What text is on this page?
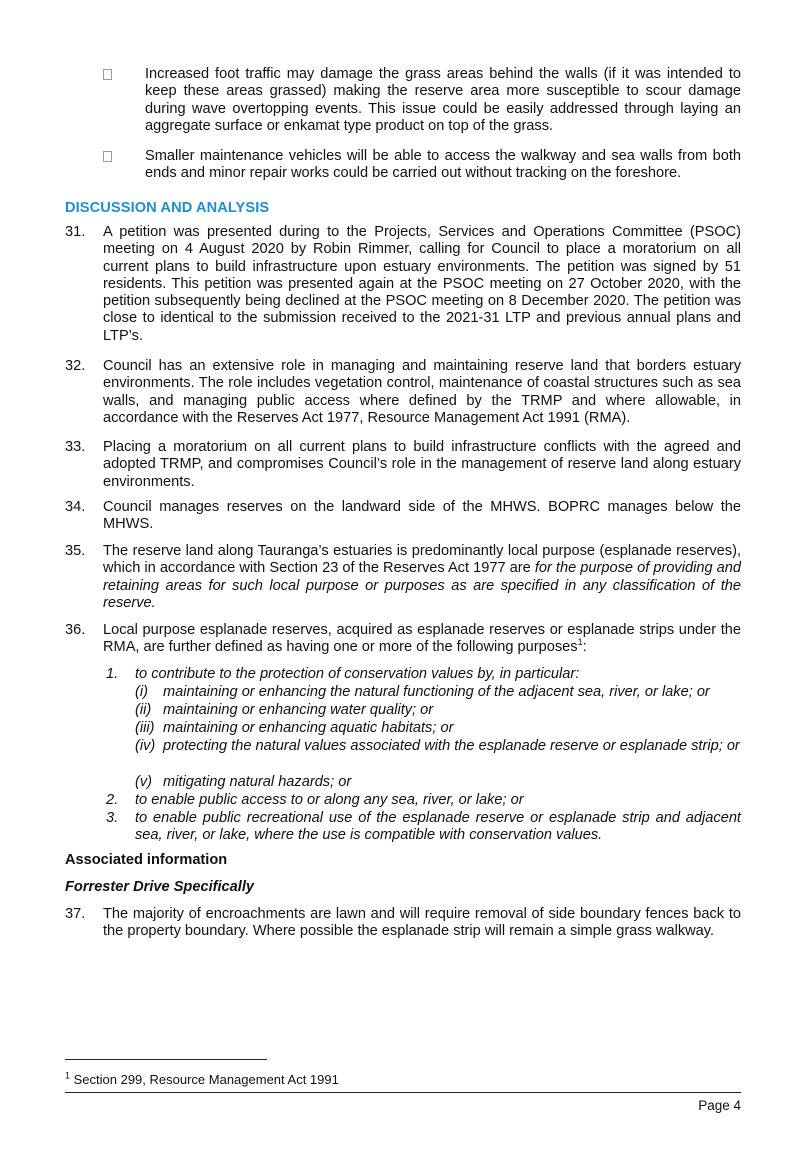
Increased foot traffic may damage the grass areas behind the walls (if it was intended to keep these areas grassed) making the reserve area more susceptible to scour damage during wave overtopping events. This issue could be easily addressed through laying an aggregate surface or enkamat type product on top of the grass.

Smaller maintenance vehicles will be able to access the walkway and sea walls from both ends and minor repair works could be carried out without tracking on the foreshore.

DISCUSSION AND ANALYSIS
31. A petition was presented during to the Projects, Services and Operations Committee (PSOC) meeting on 4 August 2020 by Robin Rimmer, calling for Council to place a moratorium on all current plans to build infrastructure upon estuary environments. The petition was signed by 51 residents. This petition was presented again at the PSOC meeting on 27 October 2020, with the petition subsequently being declined at the PSOC meeting on 8 December 2020. The petition was close to identical to the submission received to the 2021-31 LTP and previous annual plans and LTP’s.

32. Council has an extensive role in managing and maintaining reserve land that borders estuary environments. The role includes vegetation control, maintenance of coastal structures such as sea walls, and managing public access where defined by the TRMP and where allowable, in accordance with the Reserves Act 1977, Resource Management Act 1991 (RMA).

33. Placing a moratorium on all current plans to build infrastructure conflicts with the agreed and adopted TRMP, and compromises Council’s role in the management of reserve land along estuary environments.

34. Council manages reserves on the landward side of the MHWS. BOPRC manages below the MHWS.

35. The reserve land along Tauranga’s estuaries is predominantly local purpose (esplanade reserves), which in accordance with Section 23 of the Reserves Act 1977 are for the purpose of providing and retaining areas for such local purpose or purposes as are specified in any classification of the reserve.

36. Local purpose esplanade reserves, acquired as esplanade reserves or esplanade strips under the RMA, are further defined as having one or more of the following purposes$^1$:

1. to contribute to the protection of conservation values by, in particular:
(i) maintaining or enhancing the natural functioning of the adjacent sea, river, or lake; or
(ii) maintaining or enhancing water quality; or
(iii) maintaining or enhancing aquatic habitats; or
(iv) protecting the natural values associated with the esplanade reserve or esplanade strip; or
(v) mitigating natural hazards; or
2. to enable public access to or along any sea, river, or lake; or
3. to enable public recreational use of the esplanade reserve or esplanade strip and adjacent sea, river, or lake, where the use is compatible with conservation values.
Associated information
Forrester Drive Specifically
37. The majority of encroachments are lawn and will require removal of side boundary fences back to the property boundary. Where possible the esplanade strip will remain a simple grass walkway.

$^1$ Section 299, Resource Management Act 1991
Page 4
